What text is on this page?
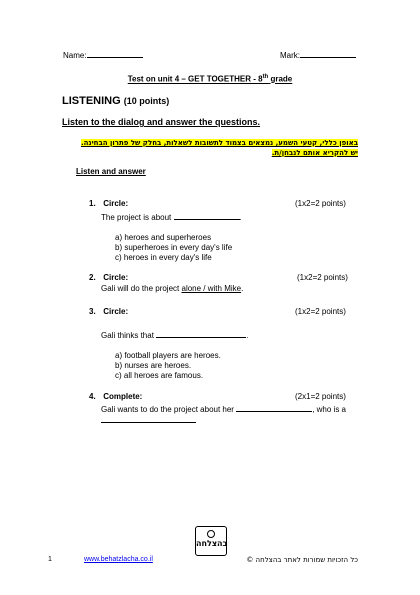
Name:	Mark:
Test on unit 4 – GET TOGETHER - 8th grade
LISTENING (10 points)
Listen to the dialog and answer the questions.
באופן כללי, קטעי השמע, נמצאים בצמוד לתשובות לשאלות, בחלק של פתרון הבחינה.
יש להקריא אותם לנבחן/ת.
Listen and answer
1. Circle:	(1x2=2 points)
The project is about	.
a) heroes and superheroes
b) superheroes in every day's life
c) heroes in every day's life
2. Circle:	(1x2=2 points)
Gali will do the project alone / with Mike.
3. Circle:	(1x2=2 points)
Gali thinks that	.
a) football players are heroes.
b) nurses are heroes.
c) all heroes are famous.
4. Complete:	(2x1=2 points)
Gali wants to do the project about her	, who is a
בהצלחה
1	www.behatzlacha.co.il	כל הזכויות שמורות לאתר בהצלחה ©
